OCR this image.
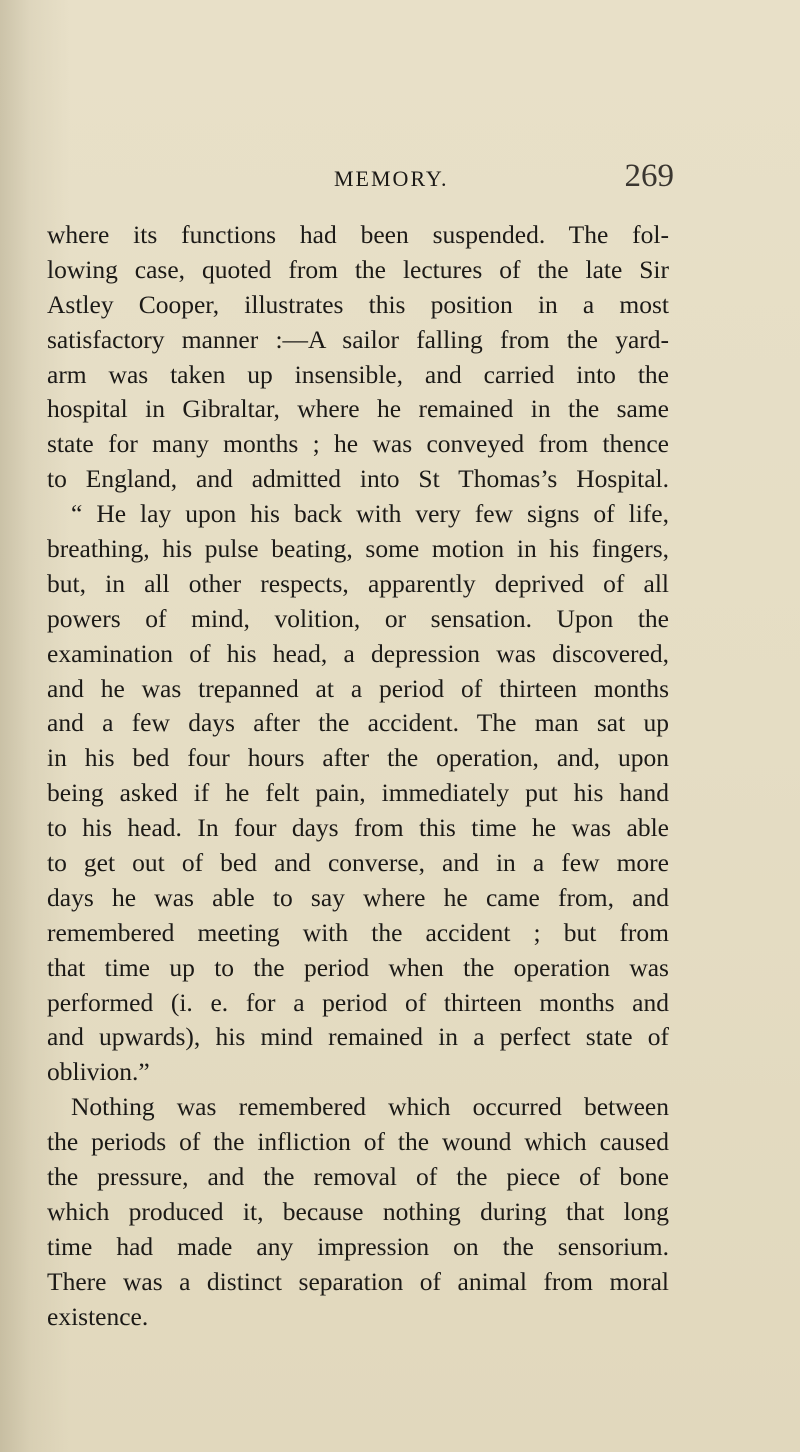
MEMORY.	269
where its functions had been suspended. The fol-
lowing case, quoted from the lectures of the late Sir
Astley Cooper, illustrates this position in a most
satisfactory manner :—A sailor falling from the yard-
arm was taken up insensible, and carried into the
hospital in Gibraltar, where he remained in the same
state for many months ; he was conveyed from thence
to England, and admitted into St Thomas’s Hospital.
“ He lay upon his back with very few signs of life,
breathing, his pulse beating, some motion in his fingers,
but, in all other respects, apparently deprived of all
powers of mind, volition, or sensation. Upon the
examination of his head, a depression was discovered,
and he was trepanned at a period of thirteen months
and a few days after the accident. The man sat up
in his bed four hours after the operation, and, upon
being asked if he felt pain, immediately put his hand
to his head. In four days from this time he was able
to get out of bed and converse, and in a few more
days he was able to say where he came from, and
remembered meeting with the accident ; but from
that time up to the period when the operation was
performed (i. e. for a period of thirteen months and
and upwards), his mind remained in a perfect state of
oblivion.”
Nothing was remembered which occurred between
the periods of the infliction of the wound which caused
the pressure, and the removal of the piece of bone
which produced it, because nothing during that long
time had made any impression on the sensorium.
There was a distinct separation of animal from moral
existence.
